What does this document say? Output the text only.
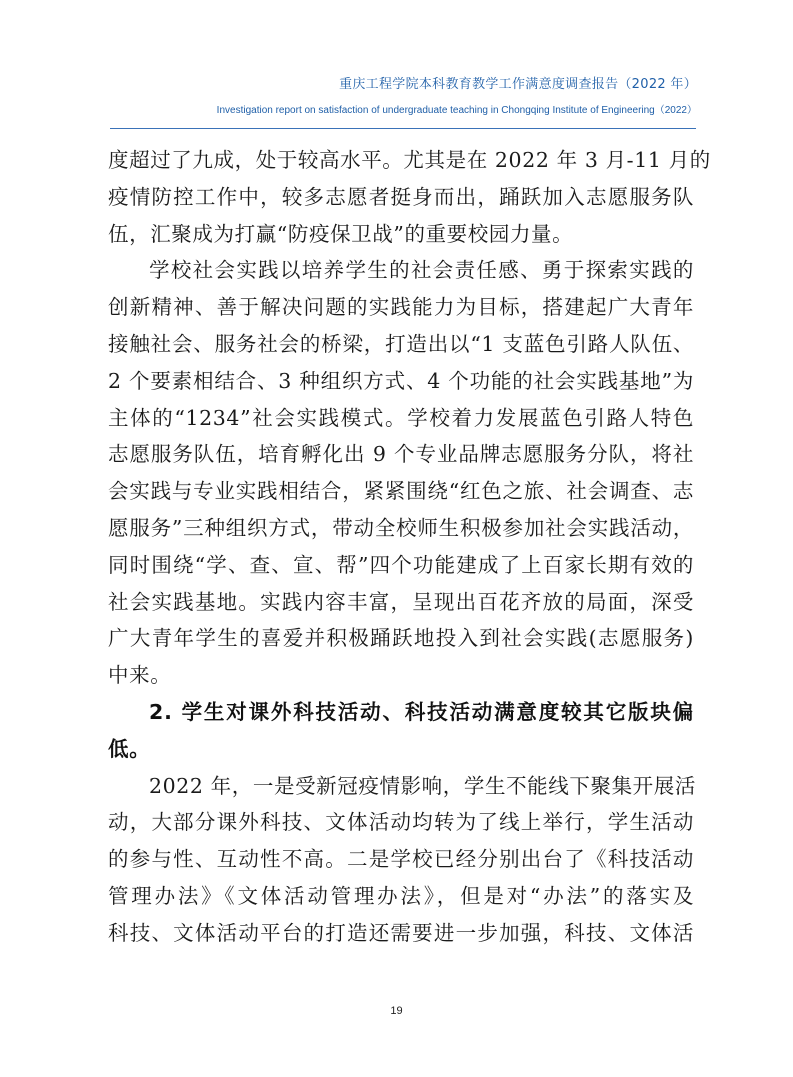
重庆工程学院本科教育教学工作满意度调查报告（2022 年）
Investigation report on satisfaction of undergraduate teaching in Chongqing Institute of Engineering（2022）

度超过了九成，处于较高水平。尤其是在 2022 年 3 月-11 月的
疫情防控工作中，较多志愿者挺身而出，踊跃加入志愿服务队
伍，汇聚成为打赢“防疫保卫战”的重要校园力量。

学校社会实践以培养学生的社会责任感、勇于探索实践的
创新精神、善于解决问题的实践能力为目标，搭建起广大青年
接触社会、服务社会的桥梁，打造出以“1 支蓝色引路人队伍、
2 个要素相结合、3 种组织方式、4 个功能的社会实践基地”为
主体的“1234”社会实践模式。学校着力发展蓝色引路人特色
志愿服务队伍，培育孵化出 9 个专业品牌志愿服务分队，将社
会实践与专业实践相结合，紧紧围绕“红色之旅、社会调查、志
愿服务”三种组织方式，带动全校师生积极参加社会实践活动，
同时围绕“学、查、宣、帮”四个功能建成了上百家长期有效的
社会实践基地。实践内容丰富，呈现出百花齐放的局面，深受
广大青年学生的喜爱并积极踊跃地投入到社会实践(志愿服务)
中来。

2. 学生对课外科技活动、科技活动满意度较其它版块偏
低。

2022 年，一是受新冠疫情影响，学生不能线下聚集开展活
动，大部分课外科技、文体活动均转为了线上举行，学生活动
的参与性、互动性不高。二是学校已经分别出台了《科技活动
管理办法》《文体活动管理办法》，但是对“办法”的落实及
科技、文体活动平台的打造还需要进一步加强，科技、文体活

19
